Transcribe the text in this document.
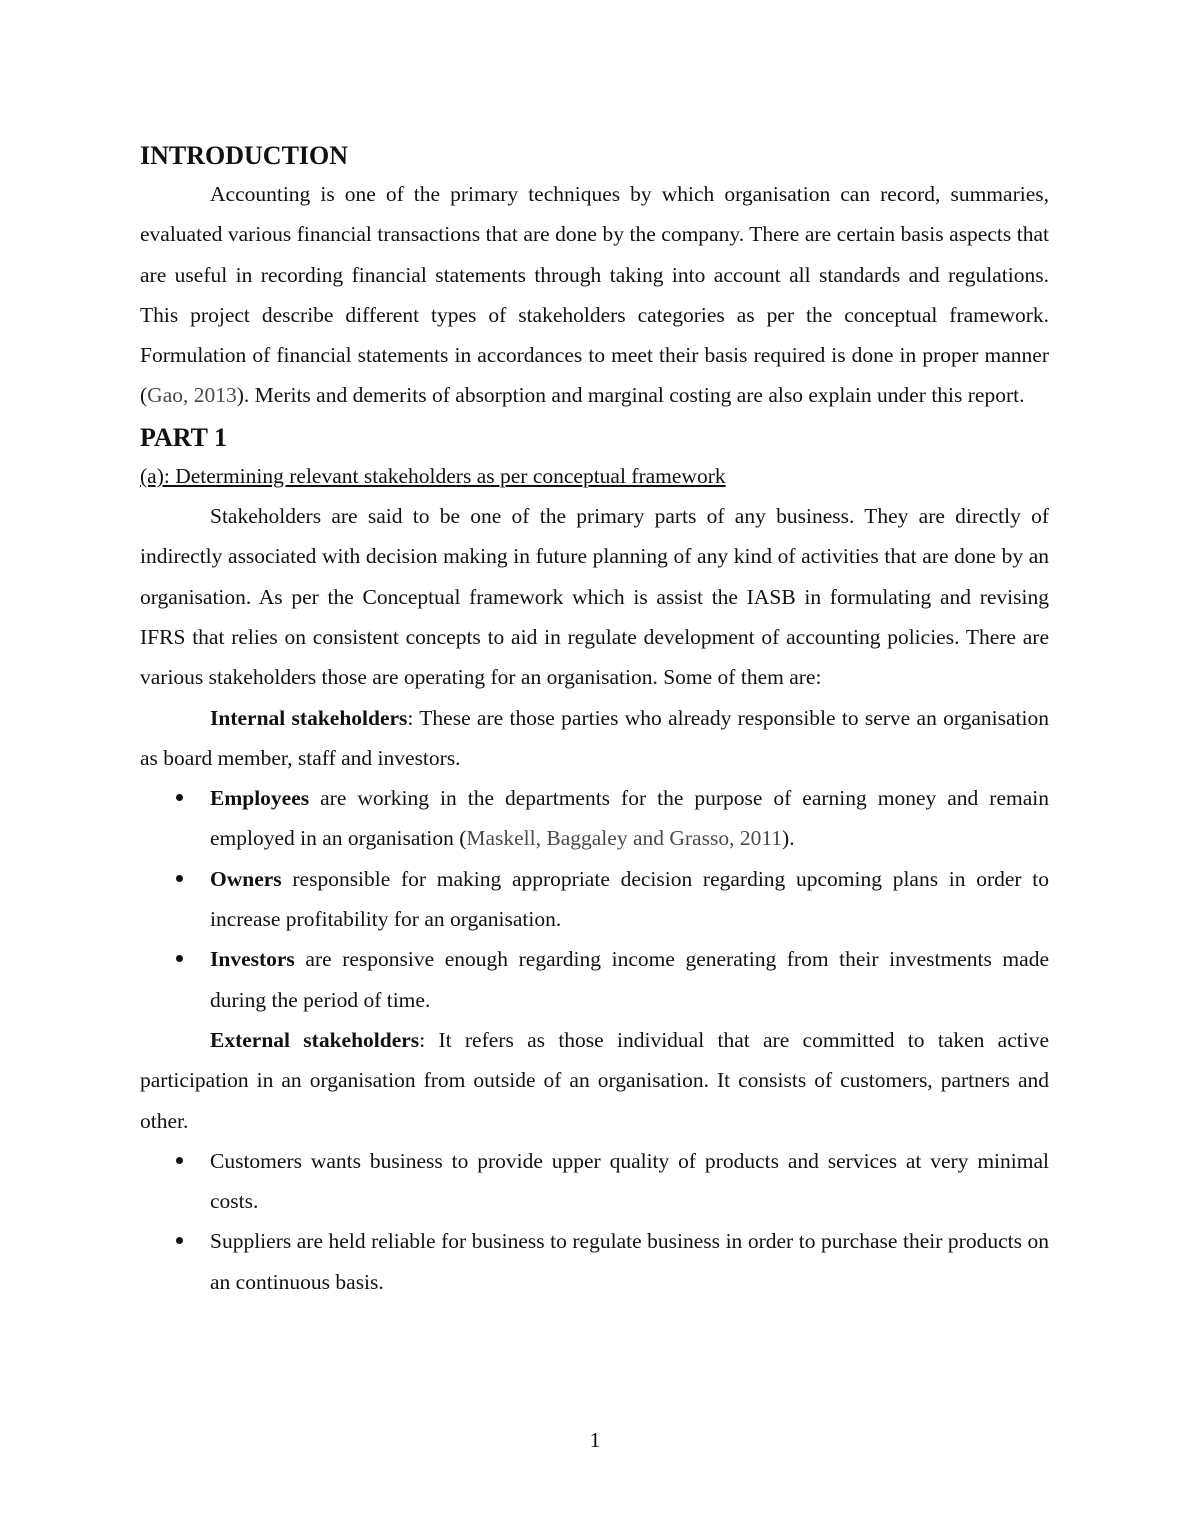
INTRODUCTION

Accounting is one of the primary techniques by which organisation can record, summaries, evaluated various financial transactions that are done by the company. There are certain basis aspects that are useful in recording financial statements through taking into account all standards and regulations. This project describe different types of stakeholders categories as per the conceptual framework. Formulation of financial statements in accordances to meet their basis required is done in proper manner (Gao, 2013). Merits and demerits of absorption and marginal costing are also explain under this report.

PART 1

(a): Determining relevant stakeholders as per conceptual framework

Stakeholders are said to be one of the primary parts of any business. They are directly of indirectly associated with decision making in future planning of any kind of activities that are done by an organisation. As per the Conceptual framework which is assist the IASB in formulating and revising IFRS that relies on consistent concepts to aid in regulate development of accounting policies. There are various stakeholders those are operating for an organisation. Some of them are:

Internal stakeholders: These are those parties who already responsible to serve an organisation as board member, staff and investors.

Employees are working in the departments for the purpose of earning money and remain employed in an organisation (Maskell, Baggaley and Grasso, 2011).
Owners responsible for making appropriate decision regarding upcoming plans in order to increase profitability for an organisation.
Investors are responsive enough regarding income generating from their investments made during the period of time.

External stakeholders: It refers as those individual that are committed to taken active participation in an organisation from outside of an organisation. It consists of customers, partners and other.

Customers wants business to provide upper quality of products and services at very minimal costs.
Suppliers are held reliable for business to regulate business in order to purchase their products on an continuous basis.
1
